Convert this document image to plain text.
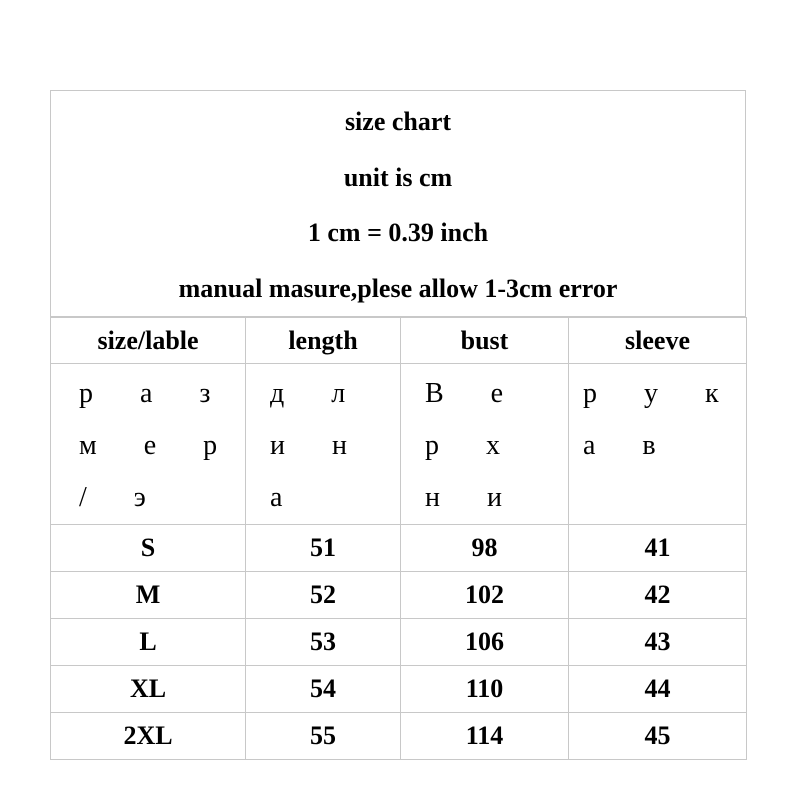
size chart
unit is cm
1 cm = 0.39 inch
manual masure,plese allow 1-3cm error
size/lable	length	bust	sleeve
р а з м е р / э	д л и н а	В е р х н и	р у к а в
S	51	98	41
M	52	102	42
L	53	106	43
XL	54	110	44
2XL	55	114	45
